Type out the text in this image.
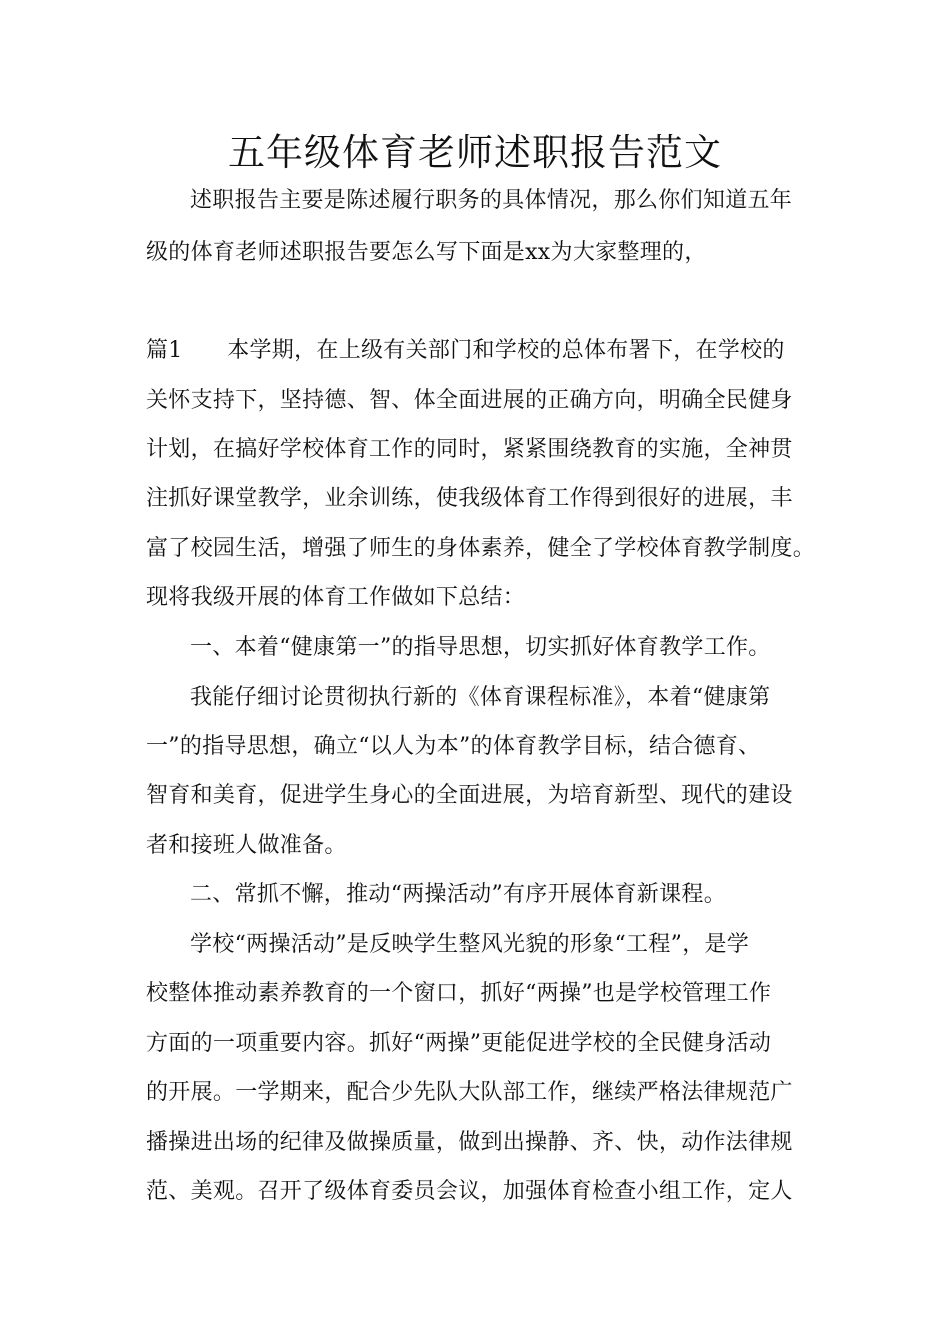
五年级体育老师述职报告范文
述职报告主要是陈述履行职务的具体情况，那么你们知道五年
级的体育老师述职报告要怎么写下面是xx为大家整理的，
篇1　　本学期，在上级有关部门和学校的总体布署下，在学校的
关怀支持下，坚持德、智、体全面进展的正确方向，明确全民健身
计划，在搞好学校体育工作的同时，紧紧围绕教育的实施，全神贯
注抓好课堂教学，业余训练，使我级体育工作得到很好的进展，丰
富了校园生活，增强了师生的身体素养，健全了学校体育教学制度。
现将我级开展的体育工作做如下总结：
一、本着“健康第一”的指导思想，切实抓好体育教学工作。
我能仔细讨论贯彻执行新的《体育课程标准》，本着“健康第
一”的指导思想，确立“以人为本”的体育教学目标，结合德育、
智育和美育，促进学生身心的全面进展，为培育新型、现代的建设
者和接班人做准备。
二、常抓不懈，推动“两操活动”有序开展体育新课程。
学校“两操活动”是反映学生整风光貌的形象“工程”，是学
校整体推动素养教育的一个窗口，抓好“两操”也是学校管理工作
方面的一项重要内容。抓好“两操”更能促进学校的全民健身活动
的开展。一学期来，配合少先队大队部工作，继续严格法律规范广
播操进出场的纪律及做操质量，做到出操静、齐、快，动作法律规
范、美观。召开了级体育委员会议，加强体育检查小组工作，定人
